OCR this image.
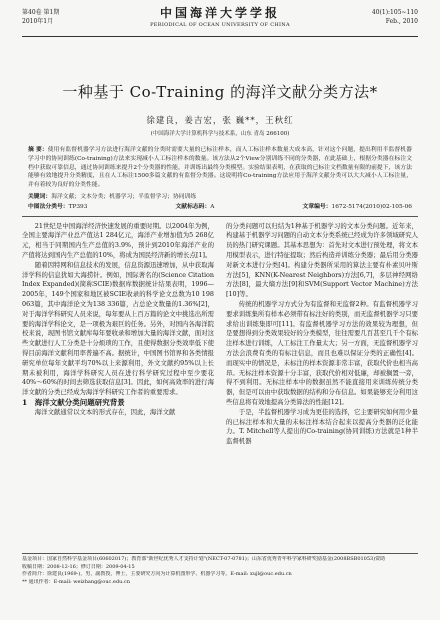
第40卷 第1期
2010年1月
中国海洋大学学报
PERIODICAL OF OCEAN UNIVERSITY OF CHINA
40(1):105~110
Feb., 2010
一种基于 Co-Training 的海洋文献分类方法*
徐建良，姜吉宏，张 巍**，王秋红
(中国海洋大学计算机科学与技术系，山东 青岛 266100)
摘 要：使用有监督机器学习方法进行海洋文献的分类时需要大量的已标注样本，而人工标注样本数量大成本高，针对这个问题，提出利用半监督机器学习中的协同训练(Co-training)方法来实现减小人工标注样本的数量。该方法从2个View分别训练不同的分类器，在此基础上，根据分类器在标注文档中获取可靠信息，通过协同训练来提升2个分类器的性能，并训练出最终分类模型。实验结果表明，在获取的已标注文档数量有限的前提下，该方法能够有效地提升分类精度，且在人工标注1500多篇文献的有监督分类器。这说明将Co-training方法应用于海洋文献分类可以大大减小人工标注量，并有着较为良好的分类性能。
关键词：海洋文献；文本分类；机器学习；半监督学习；协同训练
中图法分类号：TP393	文献标志码：A	文章编号：1672-5174(2010)02-105-06

21世纪是中国海洋经济快速发展的重要时期。以2004年为例，全国主要海洋产业总产值达1 284亿元，海洋产业增加值为5 268亿元，相当于同期国内生产总值的3.9%，预计到2010年海洋产业的产值将达到国内生产总值的10%，将成为国民经济新的增长点[1]。

随着因特网和信息技术的发展，信息资源迅速增加，从中获取海洋学科的信息犹如大海捞针。例如，国际著名的(Science Citation Index Expanded)(简称SCIE)数据库数据统计结果表明，1996—2005年，149个国家和地区被SCIE收录的科学论文总数为10 198 063篇，其中海洋论文为138 336篇，占总论文数量的1.36%[2]，对于海洋学科研究人员来说，每年要从上百万篇的论文中挑选出所需要的海洋学科论文，是一项极为艰巨的任务。另外，对国内各海洋院校来说，现图书馆文献库每年要收录和增加大量的海洋文献，面对这些文献进行人工分类是十分烦琐的工作，且使得数据分类效率低下使得目前海洋文献利用率普遍不高。据统计，中国图书馆界和各类情报研究单位每年文献平均70%以上来源利用，外文文献约95%以上长期未被利用，海洋学科研究人员在进行科学研究过程中至少要花40%～60%的时间去筛选获取信息[3]。因此，如何高效率的进行海洋文献的分类已经成为海洋学科研究工作者的重要需求。

1　海洋文献分类问题研究背景

海洋文献通常以文本的形式存在，因此，海洋文献

的分类问题可以归结为1种基于机器学习的文本分类问题。近年来，构建基于机器学习问题的自动文本分类系统已经成为许多领域研究人员的热门研究课题。其基本思想为：首先对文本进行预处理，将文本用模型表示，进行特征提取；然后构造并训练分类器；最后用分类器对新文本进行分类[4]。构建分类器所采用的算法主要有朴素贝叶斯方法[5]，KNN(K-Nearest Neighbors)方法[6,7]，多层神经网络方法[8]，最大熵方法[9]和SVM(Support Vector Machine)方法[10]等。

传统的机器学习方式分为有监督和无监督2种。有监督机器学习要求训练集所有样本必须带有标注好的类别，而无监督机器学习只要求给出训练集即可[11]。有监督机器学习方法的效果较为理想，但是要想得到分类效果较好的分类模型，往往需要几百甚至几千个有标注样本进行训练，人工标注工作量太大；另一方面，无监督机器学习方法会浪费有类的有标注信息，而且也难以保证分类的正确性[4]。而现实中的情况是，未标注的样本资源非常丰富，获取代价也相当高昂。无标注样本资源十分丰富，获取代价相对低廉，却被搁置一旁，得不到利用。无标注样本中的数据虽然不能直接用来训练传统分类器，但是可以由中获取数据的结构和分布信息。如果能够充分利用这些信息将有效地提高分类算法的性能[12]。

于是，半监督机器学习成为更佳的选择，它主要研究如何用少量的已标注样本和大量的未标注样本结合起来以提高分类器的泛化能力。T. Mitchell等人提出的Co-training(协同训练)方法就是1种半监督机器

基金项目：国家自然科学基金项目(60602017)；教育部"新世纪优秀人才支持计划"(NECT-07-0781)；山东省优秀青年科学家科研奖励基金(2008BSB01053)资助
收稿日期：2008-12-16；修订日期：2009-04-15
作者简介：徐建良(1969-)，男，副教授，博士，主要研究方向为计算机图形学、机器学习等。E-mail: xujl@ouc.edu.cn
** 通讯作者：E-mail: weizhang@ouc.edu.cn
